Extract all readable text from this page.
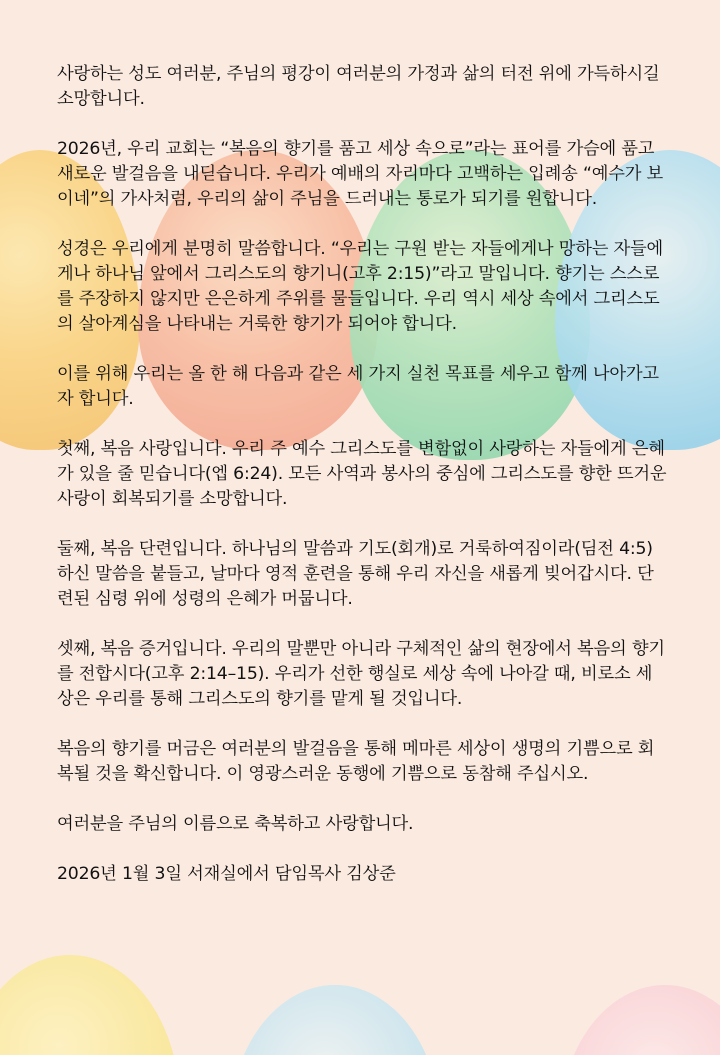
사랑하는 성도 여러분, 주님의 평강이 여러분의 가정과 삶의 터전 위에 가득하시길 소망합니다.

2026년, 우리 교회는 “복음의 향기를 품고 세상 속으로”라는 표어를 가슴에 품고 새로운 발걸음을 내딛습니다. 우리가 예배의 자리마다 고백하는 입례송 “예수가 보이네”의 가사처럼, 우리의 삶이 주님을 드러내는 통로가 되기를 원합니다.

성경은 우리에게 분명히 말씀합니다. “우리는 구원 받는 자들에게나 망하는 자들에게나 하나님 앞에서 그리스도의 향기니(고후 2:15)”라고 말입니다. 향기는 스스로를 주장하지 않지만 은은하게 주위를 물들입니다. 우리 역시 세상 속에서 그리스도의 살아계심을 나타내는 거룩한 향기가 되어야 합니다.

이를 위해 우리는 올 한 해 다음과 같은 세 가지 실천 목표를 세우고 함께 나아가고자 합니다.

첫째, 복음 사랑입니다. 우리 주 예수 그리스도를 변함없이 사랑하는 자들에게 은혜가 있을 줄 믿습니다(엡 6:24). 모든 사역과 봉사의 중심에 그리스도를 향한 뜨거운 사랑이 회복되기를 소망합니다.

둘째, 복음 단련입니다. 하나님의 말씀과 기도(회개)로 거룩하여짐이라(딤전 4:5) 하신 말씀을 붙들고, 날마다 영적 훈련을 통해 우리 자신을 새롭게 빚어갑시다. 단련된 심령 위에 성령의 은혜가 머뭅니다.

셋째, 복음 증거입니다. 우리의 말뿐만 아니라 구체적인 삶의 현장에서 복음의 향기를 전합시다(고후 2:14–15). 우리가 선한 행실로 세상 속에 나아갈 때, 비로소 세상은 우리를 통해 그리스도의 향기를 맡게 될 것입니다.

복음의 향기를 머금은 여러분의 발걸음을 통해 메마른 세상이 생명의 기쁨으로 회복될 것을 확신합니다. 이 영광스러운 동행에 기쁨으로 동참해 주십시오.

여러분을 주님의 이름으로 축복하고 사랑합니다.

2026년 1월 3일 서재실에서 담임목사 김상준
